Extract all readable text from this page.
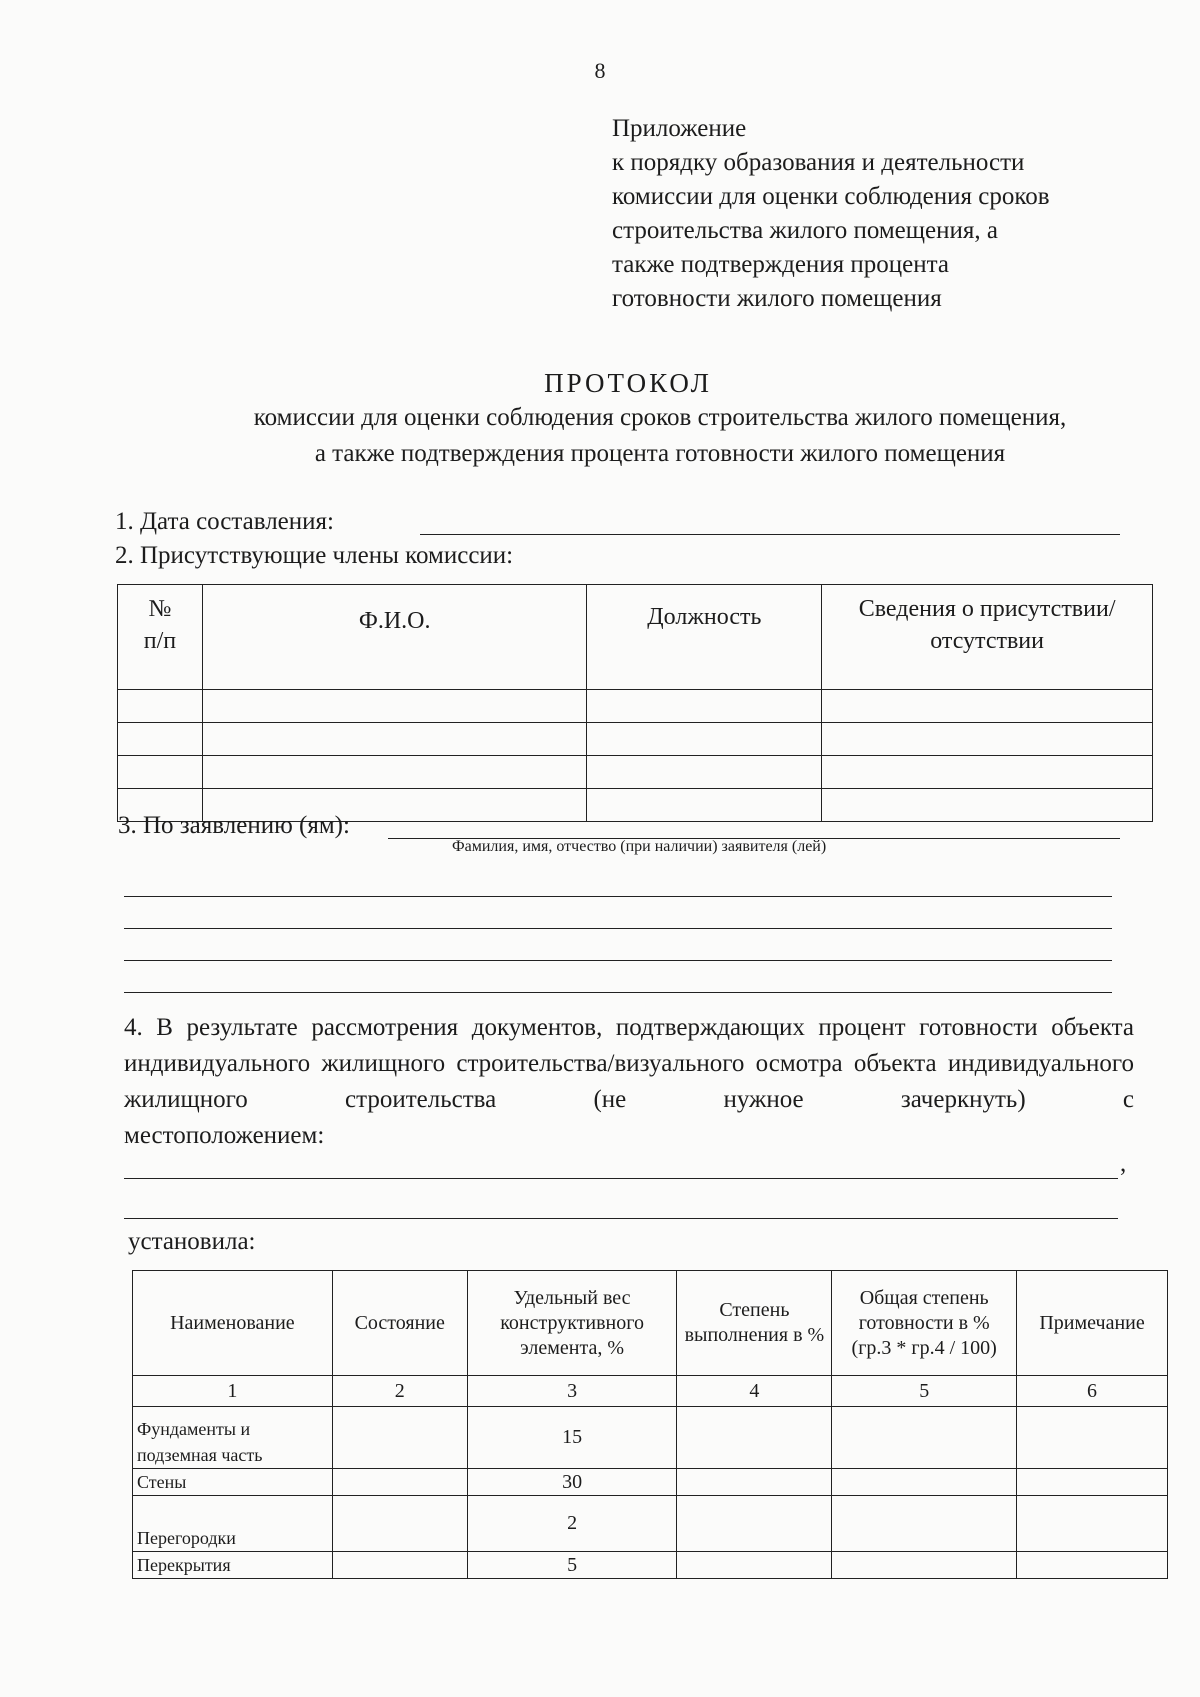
8
Приложение
к порядку образования и деятельности
комиссии для оценки соблюдения сроков
строительства жилого помещения, а
также подтверждения процента
готовности жилого помещения
ПРОТОКОЛ
комиссии для оценки соблюдения сроков строительства жилого помещения,
а также подтверждения процента готовности жилого помещения
1. Дата составления:
2. Присутствующие члены комиссии:
№ п/п	Ф.И.О.	Должность	Сведения о присутствии/отсутствии

3. По заявлению (ям):
Фамилия, имя, отчество (при наличии) заявителя (лей)
4. В результате рассмотрения документов, подтверждающих процент готовности объекта индивидуального жилищного строительства/визуального осмотра объекта индивидуального жилищного строительства (не нужное зачеркнуть) с
местоположением:
,
установила:
Наименование	Состояние	Удельный вес конструктивного элемента, %	Степень выполнения в %	Общая степень готовности в % (гр.3 * гр.4 / 100)	Примечание
1	2	3	4	5	6
Фундаменты и подземная часть		15			
Стены		30			
Перегородки		2			
Перекрытия		5			
